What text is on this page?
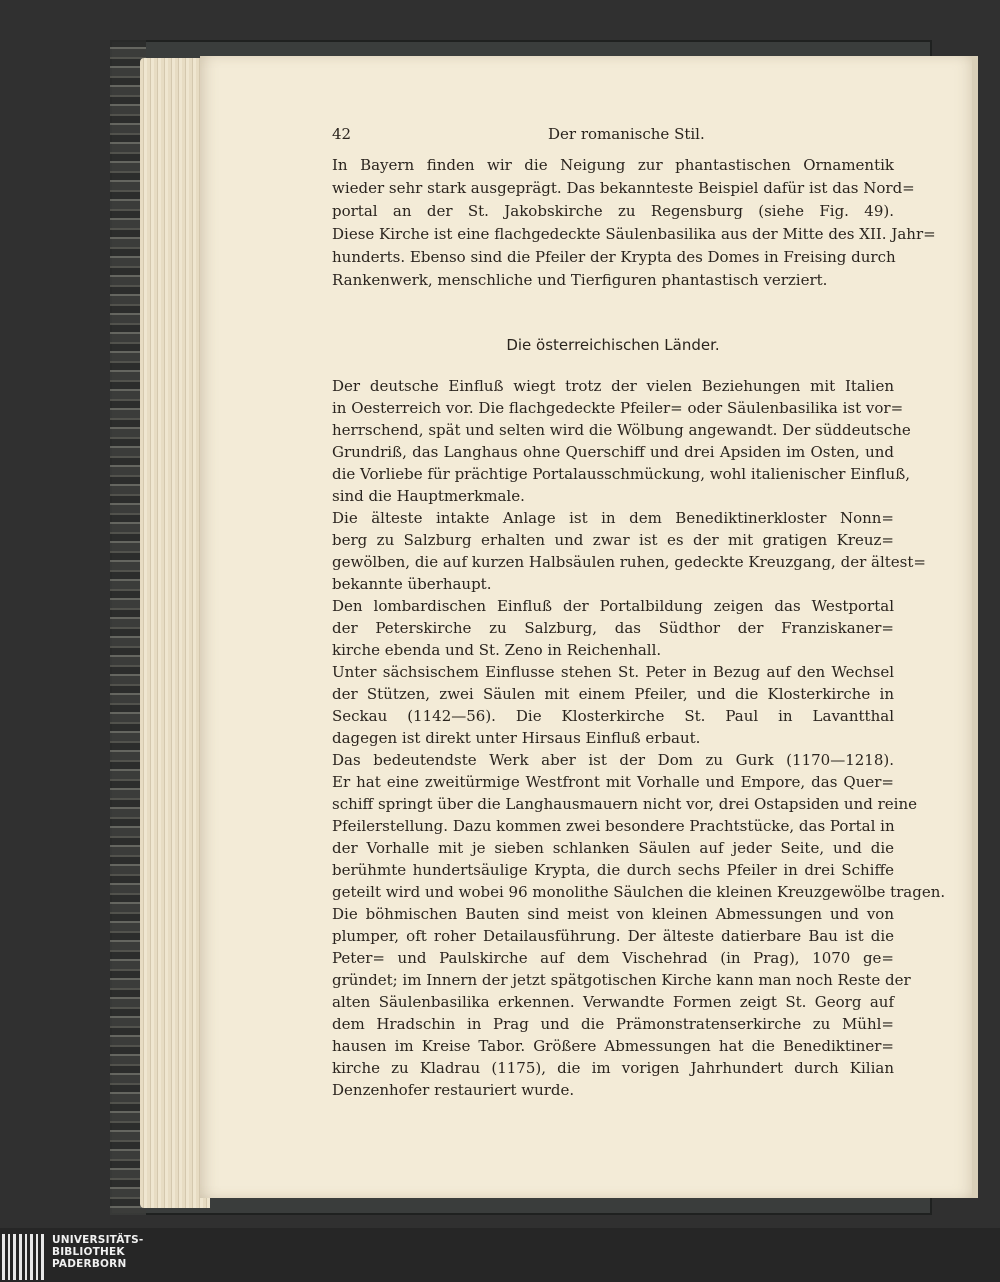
42	Der romanische Stil.

In Bayern finden wir die Neigung zur phantastischen Ornamentik

wieder sehr stark ausgeprägt. Das bekannteste Beispiel dafür ist das Nord=

portal an der St. Jakobskirche zu Regensburg (siehe Fig. 49).

Diese Kirche ist eine flachgedeckte Säulenbasilika aus der Mitte des XII. Jahr=

hunderts. Ebenso sind die Pfeiler der Krypta des Domes in Freising durch

Rankenwerk, menschliche und Tierfiguren phantastisch verziert.

Die österreichischen Länder.

Der deutsche Einfluß wiegt trotz der vielen Beziehungen mit Italien

in Oesterreich vor. Die flachgedeckte Pfeiler= oder Säulenbasilika ist vor=

herrschend, spät und selten wird die Wölbung angewandt. Der süddeutsche

Grundriß, das Langhaus ohne Querschiff und drei Apsiden im Osten, und

die Vorliebe für prächtige Portalausschmückung, wohl italienischer Einfluß,

sind die Hauptmerkmale.

Die älteste intakte Anlage ist in dem Benediktinerkloster Nonn=

berg zu Salzburg erhalten und zwar ist es der mit gratigen Kreuz=

gewölben, die auf kurzen Halbsäulen ruhen, gedeckte Kreuzgang, der ältest=

bekannte überhaupt.

Den lombardischen Einfluß der Portalbildung zeigen das Westportal

der Peterskirche zu Salzburg, das Südthor der Franziskaner=

kirche ebenda und St. Zeno in Reichenhall.

Unter sächsischem Einflusse stehen St. Peter in Bezug auf den Wechsel

der Stützen, zwei Säulen mit einem Pfeiler, und die Klosterkirche in

Seckau (1142—56). Die Klosterkirche St. Paul in Lavantthal

dagegen ist direkt unter Hirsaus Einfluß erbaut.

Das bedeutendste Werk aber ist der Dom zu Gurk (1170—1218).

Er hat eine zweitürmige Westfront mit Vorhalle und Empore, das Quer=

schiff springt über die Langhausmauern nicht vor, drei Ostapsiden und reine

Pfeilerstellung. Dazu kommen zwei besondere Prachtstücke, das Portal in

der Vorhalle mit je sieben schlanken Säulen auf jeder Seite, und die

berühmte hundertsäulige Krypta, die durch sechs Pfeiler in drei Schiffe

geteilt wird und wobei 96 monolithe Säulchen die kleinen Kreuzgewölbe tragen.

Die böhmischen Bauten sind meist von kleinen Abmessungen und von

plumper, oft roher Detailausführung. Der älteste datierbare Bau ist die

Peter= und Paulskirche auf dem Vischehrad (in Prag), 1070 ge=

gründet; im Innern der jetzt spätgotischen Kirche kann man noch Reste der

alten Säulenbasilika erkennen. Verwandte Formen zeigt St. Georg auf

dem Hradschin in Prag und die Prämonstratenserkirche zu Mühl=

hausen im Kreise Tabor. Größere Abmessungen hat die Benediktiner=

kirche zu Kladrau (1175), die im vorigen Jahrhundert durch Kilian

Denzenhofer restauriert wurde.

UNIVERSITÄTS-
BIBLIOTHEK
PADERBORN
